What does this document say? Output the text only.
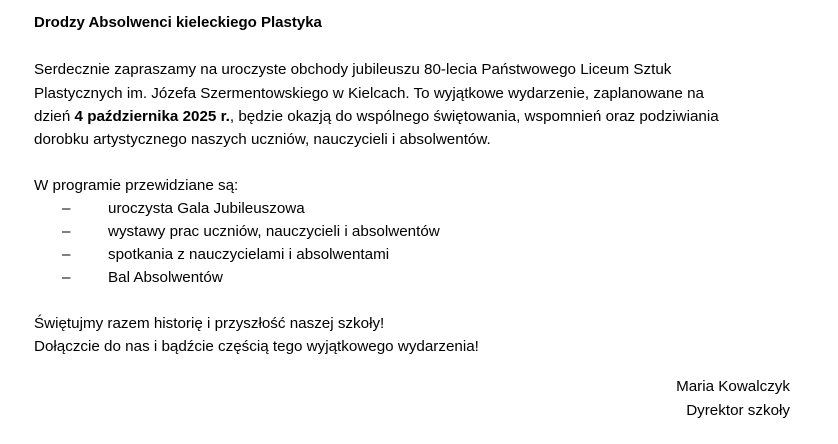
Drodzy Absolwenci kieleckiego Plastyka
Serdecznie zapraszamy na uroczyste obchody jubileuszu 80-lecia Państwowego Liceum Sztuk
Plastycznych im. Józefa Szermentowskiego w Kielcach. To wyjątkowe wydarzenie, zaplanowane na
dzień 4 października 2025 r., będzie okazją do wspólnego świętowania, wspomnień oraz podziwiania
dorobku artystycznego naszych uczniów, nauczycieli i absolwentów.
W programie przewidziane są:
– uroczysta Gala Jubileuszowa
– wystawy prac uczniów, nauczycieli i absolwentów
– spotkania z nauczycielami i absolwentami
– Bal Absolwentów
Świętujmy razem historię i przyszłość naszej szkoły!
Dołączcie do nas i bądźcie częścią tego wyjątkowego wydarzenia!
Maria Kowalczyk
Dyrektor szkoły
